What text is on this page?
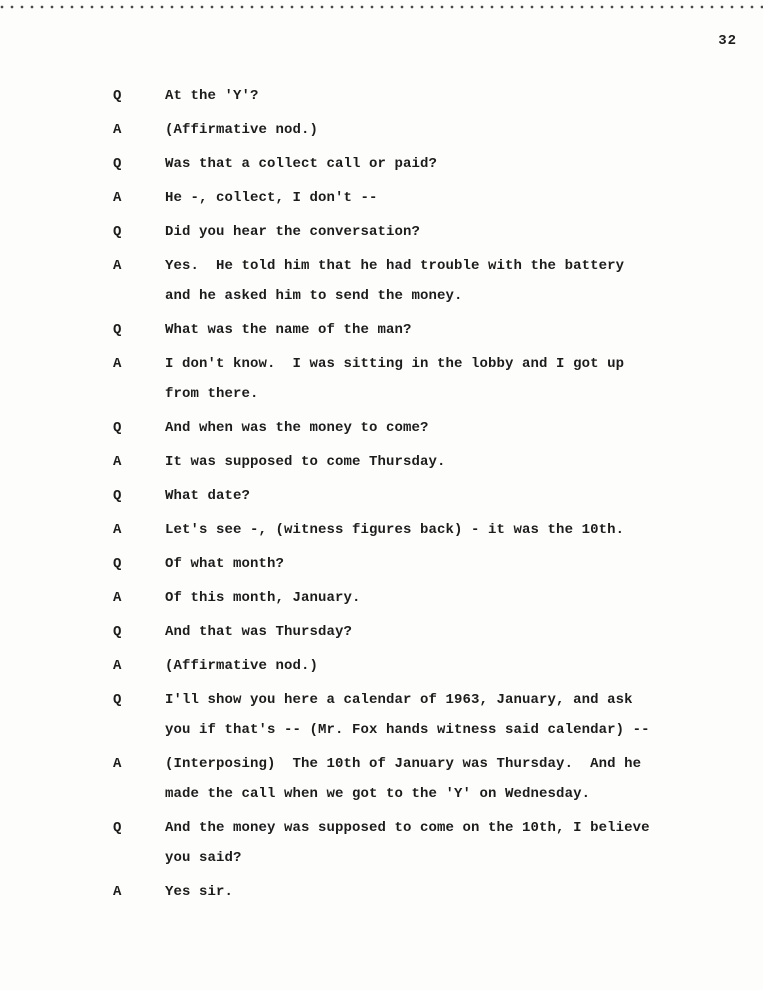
32
Q	At the 'Y'?
A	(Affirmative nod.)
Q	Was that a collect call or paid?
A	He -, collect, I don't --
Q	Did you hear the conversation?
A	Yes.  He told him that he had trouble with the battery
and he asked him to send the money.
Q	What was the name of the man?
A	I don't know.  I was sitting in the lobby and I got up
from there.
Q	And when was the money to come?
A	It was supposed to come Thursday.
Q	What date?
A	Let's see -, (witness figures back) - it was the 10th.
Q	Of what month?
A	Of this month, January.
Q	And that was Thursday?
A	(Affirmative nod.)
Q	I'll show you here a calendar of 1963, January, and ask
you if that's -- (Mr. Fox hands witness said calendar) --
A	(Interposing)  The 10th of January was Thursday.  And he
made the call when we got to the 'Y' on Wednesday.
Q	And the money was supposed to come on the 10th, I believe
you said?
A	Yes sir.
